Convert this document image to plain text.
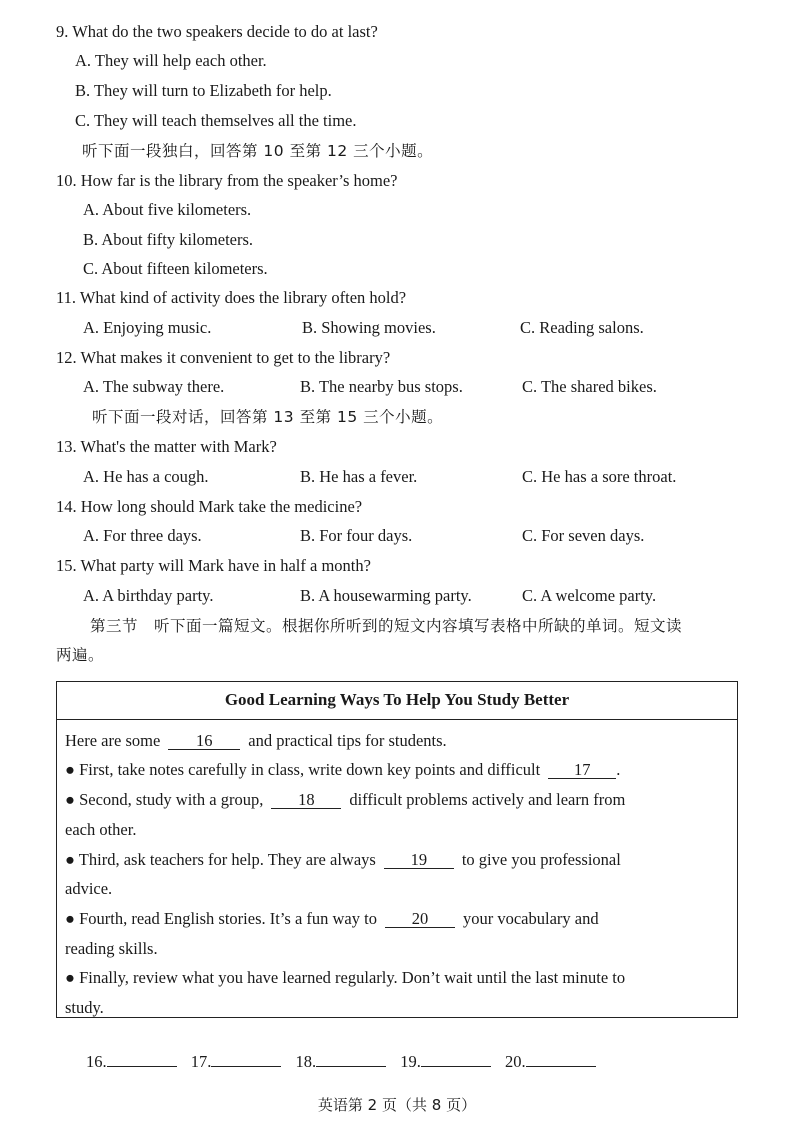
9. What do the two speakers decide to do at last?
A. They will help each other.
B. They will turn to Elizabeth for help.
C. They will teach themselves all the time.
听下面一段独白，回答第 10 至第 12 三个小题。
10. How far is the library from the speaker’s home?
A. About five kilometers.
B. About fifty kilometers.
C. About fifteen kilometers.
11. What kind of activity does the library often hold?
A. Enjoying music.	B. Showing movies.	C. Reading salons.
12. What makes it convenient to get to the library?
A. The subway there.	B. The nearby bus stops.	C. The shared bikes.
听下面一段对话，回答第 13 至第 15 三个小题。
13. What's the matter with Mark?
A. He has a cough.	B. He has a fever.	C. He has a sore throat.
14. How long should Mark take the medicine?
A. For three days.	B. For four days.	C. For seven days.
15. What party will Mark have in half a month?
A. A birthday party.	B. A housewarming party.	C. A welcome party.
第三节　听下面一篇短文。根据你所听到的短文内容填写表格中所缺的单词。短文读
两遍。
Good Learning Ways To Help You Study Better
Here are some 16 and practical tips for students.
● First, take notes carefully in class, write down key points and difficult 17 .
● Second, study with a group, 18 difficult problems actively and learn from
each other.
● Third, ask teachers for help. They are always 19 to give you professional
advice.
● Fourth, read English stories. It’s a fun way to 20 your vocabulary and
reading skills.
● Finally, review what you have learned regularly. Don’t wait until the last minute to
study.
16.	17.	18.	19.	20.
英语第 2 页（共 8 页）
